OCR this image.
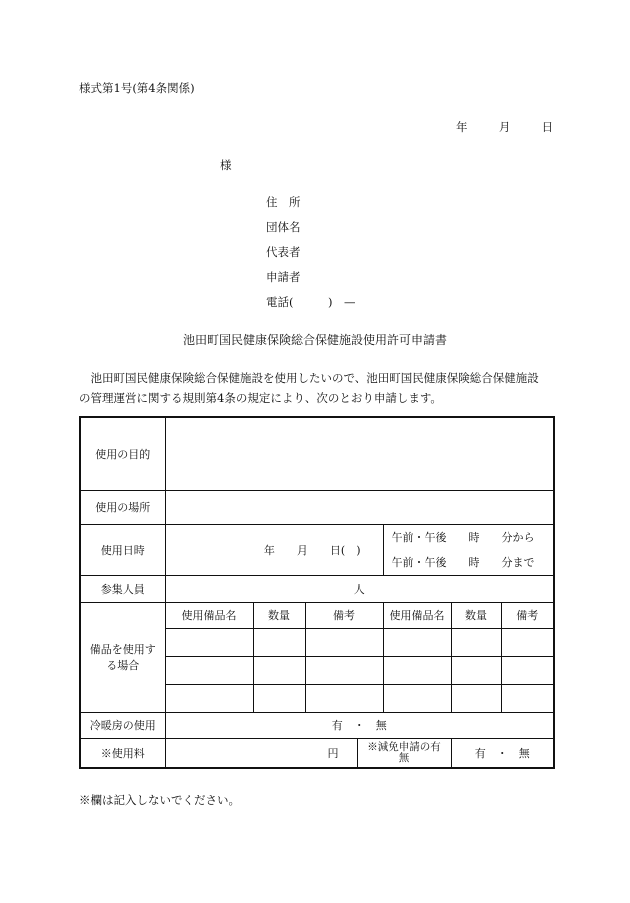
様式第1号(第4条関係)
年	月	日
様
住　所
団体名
代表者
申請者
電話(　　　)　—
池田町国民健康保険総合保健施設使用許可申請書

　池田町国民健康保険総合保健施設を使用したいので、池田町国民健康保険総合保健施設

の管理運営に関する規則第4条の規定により、次のとおり申請します。

使用の目的							
使用の場所							
使用日時	年　　月　　日(　)				午前・午後　　時　　分から		
					午前・午後　　時　　分まで		
参集人員	人						
備品を使用する場合	使用備品名	数量	備考		使用備品名	数量	備考

冷暖房の使用	有　・　無						
※使用料	円			※減免申請の有無		有　・　無	
※欄は記入しないでください。
